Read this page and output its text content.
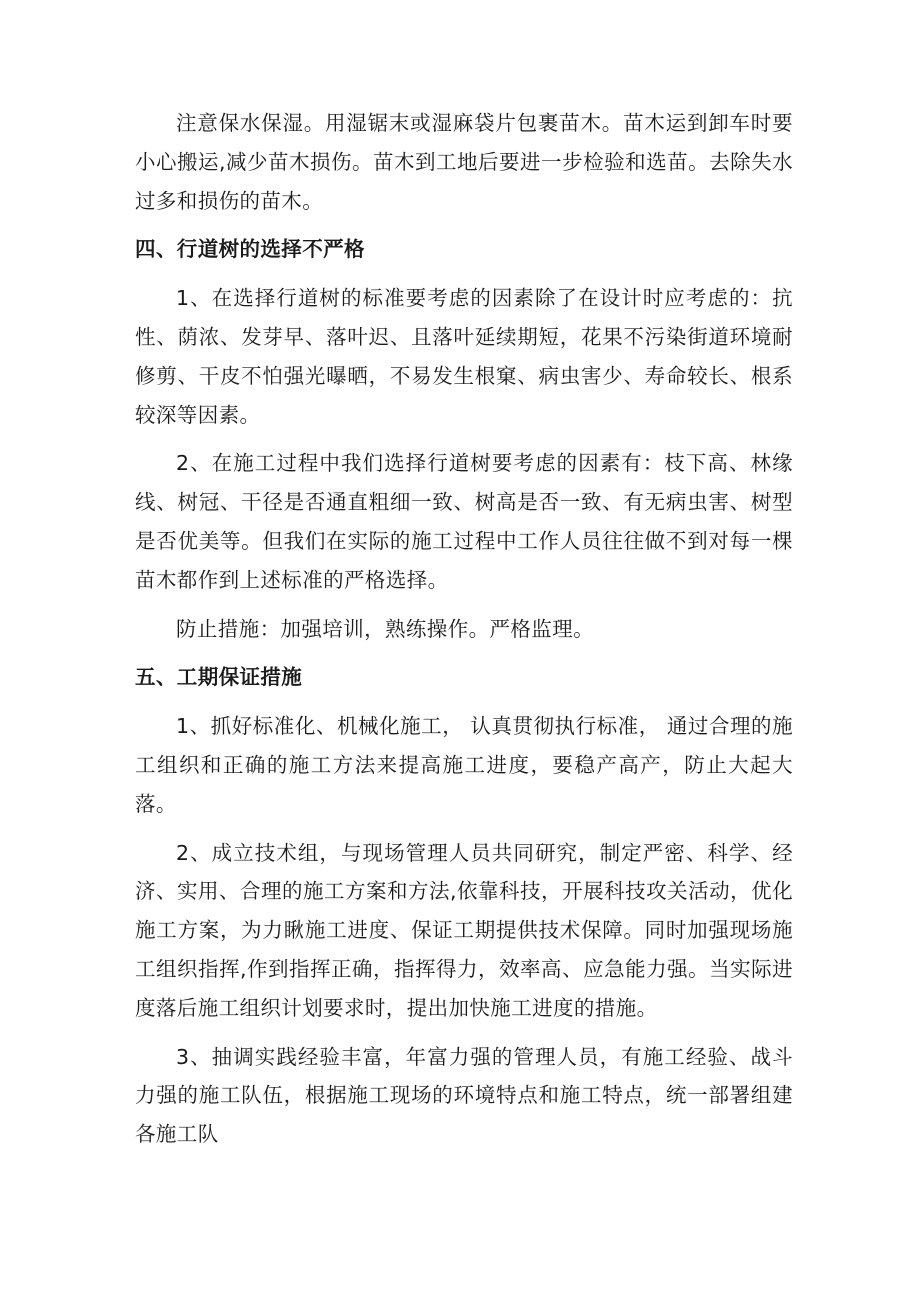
注意保水保湿。用湿锯末或湿麻袋片包裹苗木。苗木运到卸车时要小心搬运,减少苗木损伤。苗木到工地后要进一步检验和选苗。去除失水过多和损伤的苗木。

四、行道树的选择不严格

1、在选择行道树的标准要考虑的因素除了在设计时应考虑的：抗性、荫浓、发芽早、落叶迟、且落叶延续期短，花果不污染街道环境耐修剪、干皮不怕强光曝晒，不易发生根窠、病虫害少、寿命较长、根系较深等因素。

2、在施工过程中我们选择行道树要考虑的因素有：枝下高、林缘线、树冠、干径是否通直粗细一致、树高是否一致、有无病虫害、树型是否优美等。但我们在实际的施工过程中工作人员往往做不到对每一棵苗木都作到上述标准的严格选择。

防止措施：加强培训，熟练操作。严格监理。

五、工期保证措施

1、抓好标准化、机械化施工， 认真贯彻执行标准， 通过合理的施工组织和正确的施工方法来提高施工进度，要稳产高产，防止大起大落。

2、成立技术组，与现场管理人员共同研究，制定严密、科学、经济、实用、合理的施工方案和方法,依靠科技，开展科技攻关活动，优化施工方案，为力瞅施工进度、保证工期提供技术保障。同时加强现场施工组织指挥,作到指挥正确，指挥得力，效率高、应急能力强。当实际进度落后施工组织计划要求时，提出加快施工进度的措施。

3、抽调实践经验丰富，年富力强的管理人员，有施工经验、战斗力强的施工队伍，根据施工现场的环境特点和施工特点，统一部署组建各施工队
